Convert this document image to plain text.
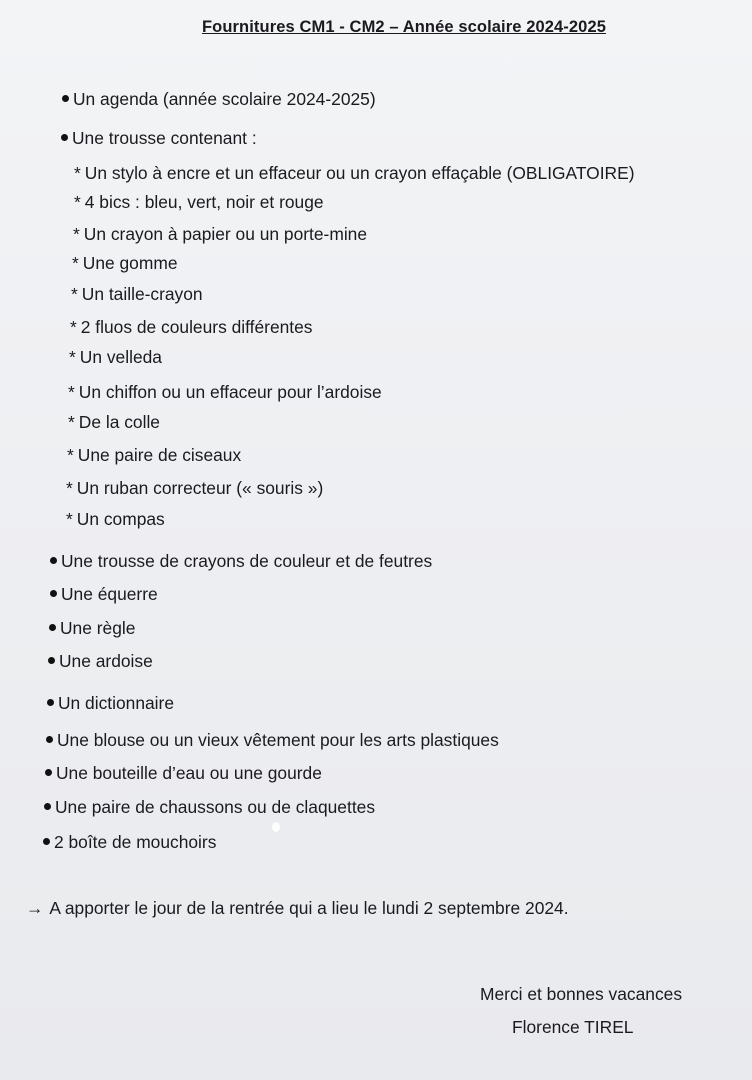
Fournitures CM1 - CM2 – Année scolaire 2024-2025
Un agenda (année scolaire 2024-2025)
Une trousse contenant :
* Un stylo à encre et un effaceur ou un crayon effaçable (OBLIGATOIRE)
* 4 bics : bleu, vert, noir et rouge
* Un crayon à papier ou un porte-mine
* Une gomme
* Un taille-crayon
* 2 fluos de couleurs différentes
* Un velleda
* Un chiffon ou un effaceur pour l’ardoise
* De la colle
* Une paire de ciseaux
* Un ruban correcteur (« souris »)
* Un compas
Une trousse de crayons de couleur et de feutres
Une équerre
Une règle
Une ardoise
Un dictionnaire
Une blouse ou un vieux vêtement pour les arts plastiques
Une bouteille d’eau ou une gourde
Une paire de chaussons ou de claquettes
2 boîte de mouchoirs
→ A apporter le jour de la rentrée qui a lieu le lundi 2 septembre 2024.
Merci et bonnes vacances
Florence TIREL
